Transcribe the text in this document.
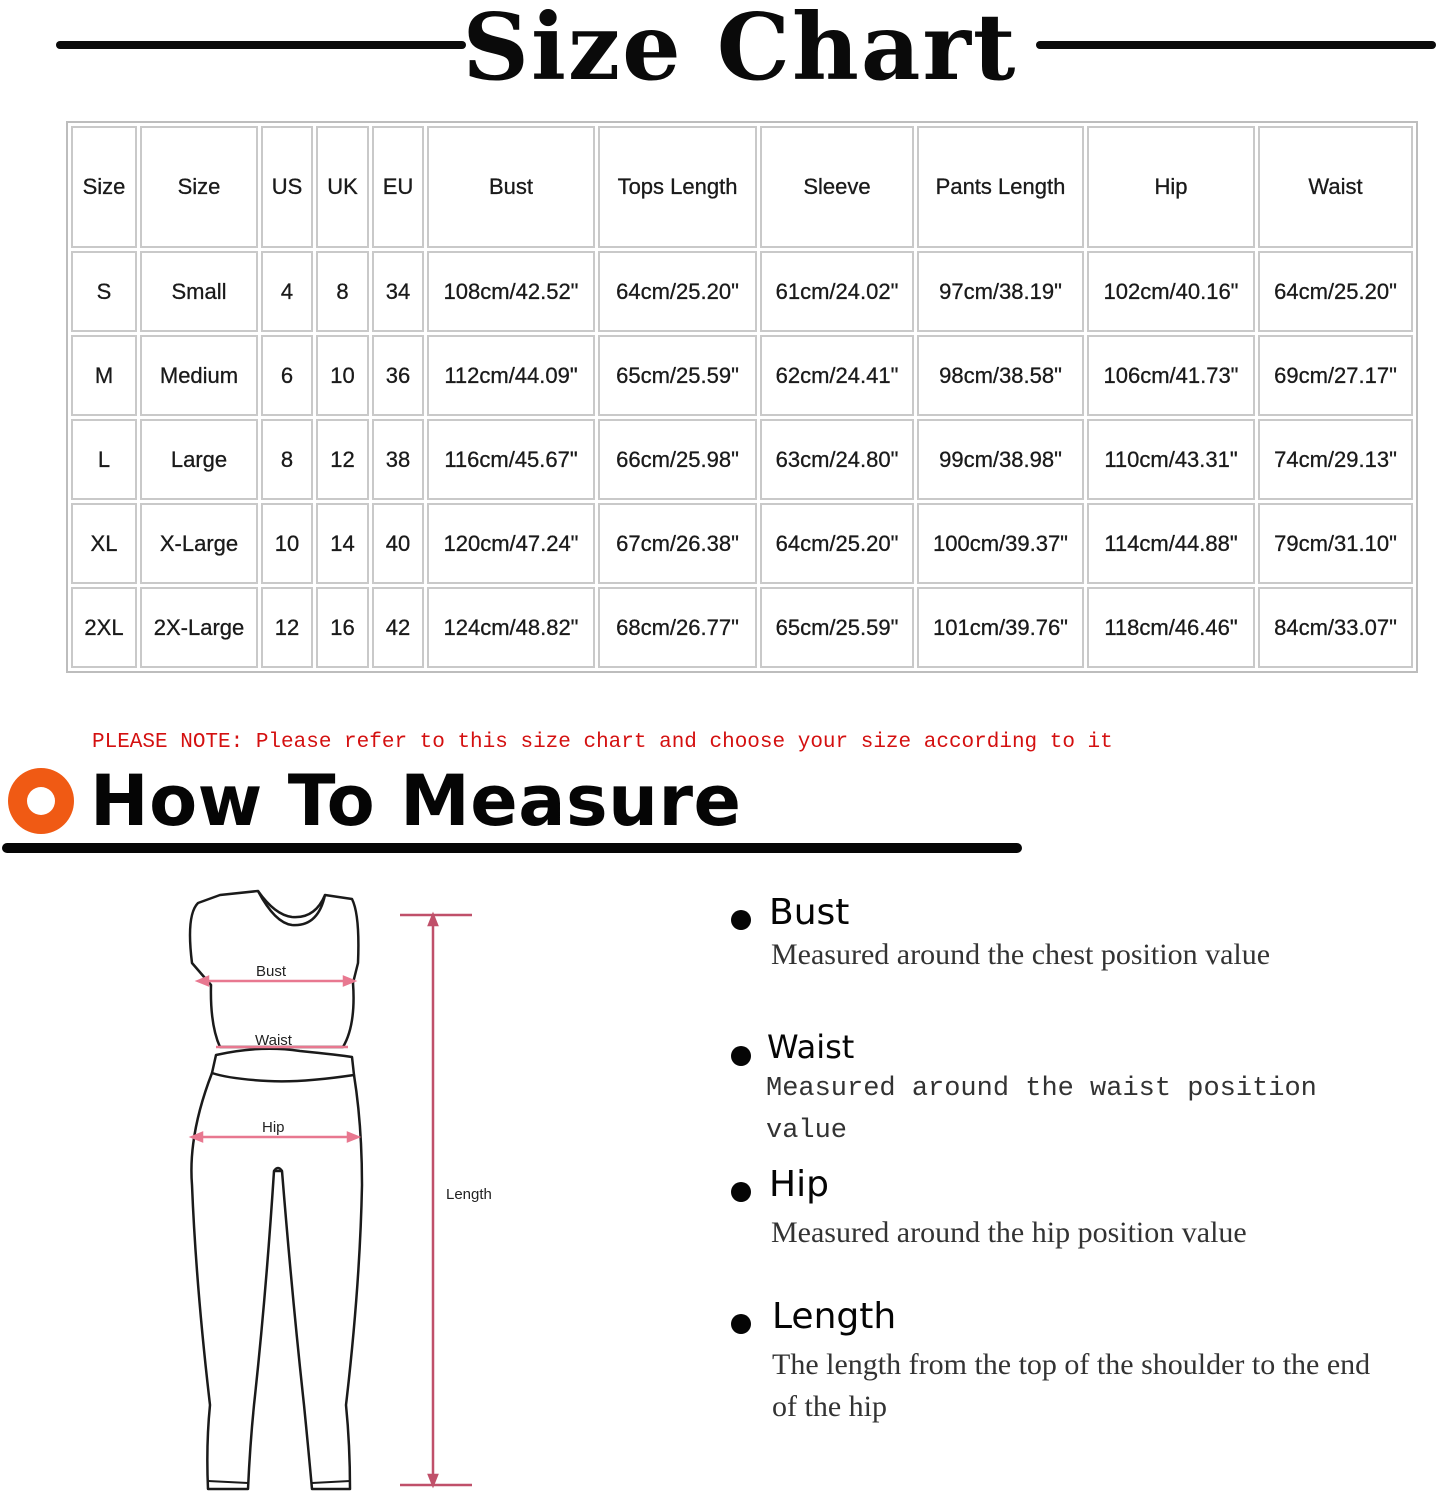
Size Chart
Size	Size	US	UK	EU	Bust	Tops Length	Sleeve	Pants Length	Hip	Waist
S	Small	4	8	34	108cm/42.52"	64cm/25.20"	61cm/24.02"	97cm/38.19"	102cm/40.16"	64cm/25.20"
M	Medium	6	10	36	112cm/44.09"	65cm/25.59"	62cm/24.41"	98cm/38.58"	106cm/41.73"	69cm/27.17"
L	Large	8	12	38	116cm/45.67"	66cm/25.98"	63cm/24.80"	99cm/38.98"	110cm/43.31"	74cm/29.13"
XL	X-Large	10	14	40	120cm/47.24"	67cm/26.38"	64cm/25.20"	100cm/39.37"	114cm/44.88"	79cm/31.10"
2XL	2X-Large	12	16	42	124cm/48.82"	68cm/26.77"	65cm/25.59"	101cm/39.76"	118cm/46.46"	84cm/33.07"
PLEASE NOTE: Please refer to this size chart and choose your size according to it
How To Measure
Bust
Waist
Hip
Length
Bust
Measured around the chest position value
Waist
Measured around the waist position value
Hip
Measured around the hip position value
Length
The length from the top of the shoulder to the end of the hip
